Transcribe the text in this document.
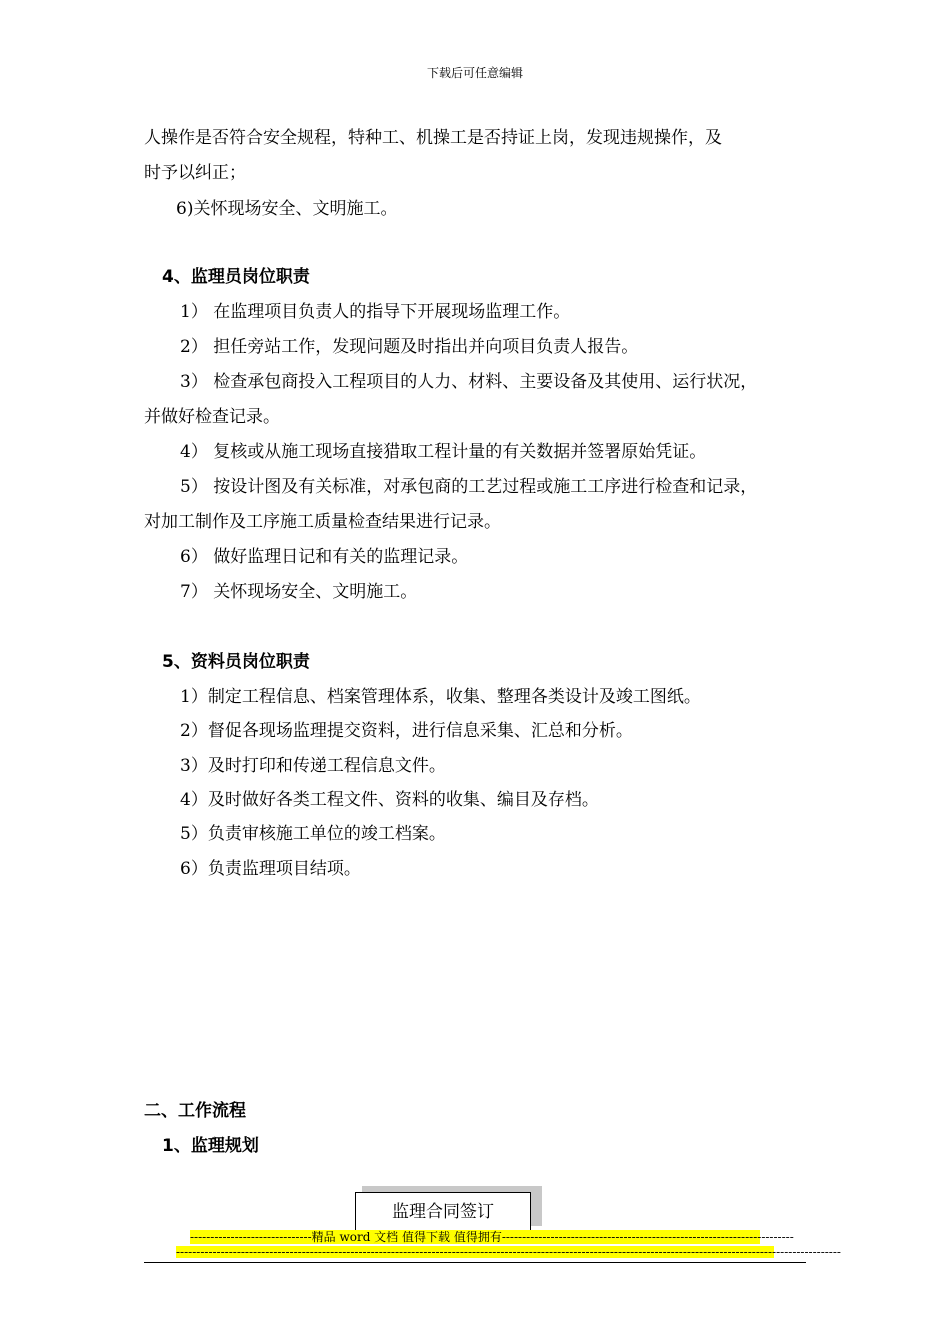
下载后可任意编辑
人操作是否符合安全规程，特种工、机操工是否持证上岗，发现违规操作，及
时予以纠正；
6)关怀现场安全、文明施工。
4、监理员岗位职责
1） 在监理项目负责人的指导下开展现场监理工作。
2） 担任旁站工作，发现问题及时指出并向项目负责人报告。
3） 检查承包商投入工程项目的人力、材料、主要设备及其使用、运行状况，
并做好检查记录。
4） 复核或从施工现场直接猎取工程计量的有关数据并签署原始凭证。
5） 按设计图及有关标准，对承包商的工艺过程或施工工序进行检查和记录，
对加工制作及工序施工质量检查结果进行记录。
6） 做好监理日记和有关的监理记录。
7） 关怀现场安全、文明施工。
5、资料员岗位职责
1）制定工程信息、档案管理体系，收集、整理各类设计及竣工图纸。
2）督促各现场监理提交资料，进行信息采集、汇总和分析。
3）及时打印和传递工程信息文件。
4）及时做好各类工程文件、资料的收集、编目及存档。
5）负责审核施工单位的竣工档案。
6）负责监理项目结项。
二、工作流程
1、监理规划
监理合同签订
------------------------------精品 word 文档 值得下载 值得拥有------------------------------------------------------------------------
--------------------------------------------------------------------------------------------------------------------------------------------------------------------
